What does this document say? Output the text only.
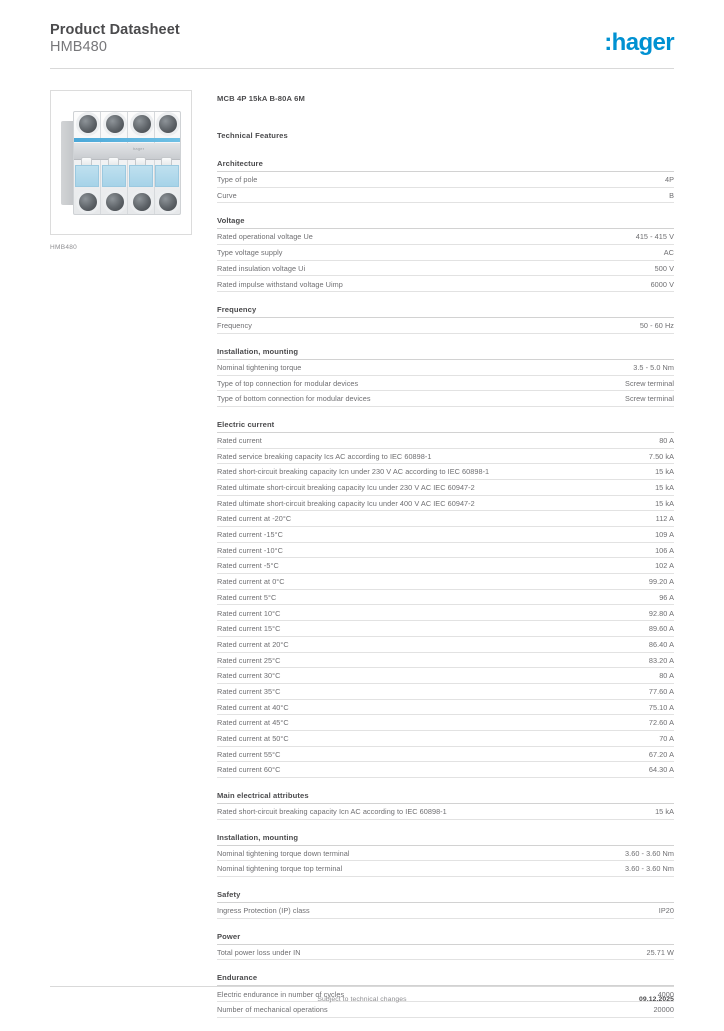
Product Datasheet
HMB480	:hager
hager
HMB480
MCB 4P 15kA B-80A 6M
Technical Features
Architecture
Type of pole	4P
Curve	B
Voltage
Rated operational voltage Ue	415 - 415 V
Type voltage supply	AC
Rated insulation voltage Ui	500 V
Rated impulse withstand voltage Uimp	6000 V
Frequency
Frequency	50 - 60 Hz
Installation, mounting
Nominal tightening torque	3.5 - 5.0 Nm
Type of top connection for modular devices	Screw terminal
Type of bottom connection for modular devices	Screw terminal
Electric current
Rated current	80 A
Rated service breaking capacity Ics AC according to IEC 60898-1	7.50 kA
Rated short-circuit breaking capacity Icn under 230 V AC according to IEC 60898-1	15 kA
Rated ultimate short-circuit breaking capacity Icu under 230 V AC IEC 60947-2	15 kA
Rated ultimate short-circuit breaking capacity Icu under 400 V AC IEC 60947-2	15 kA
Rated current at -20°C	112 A
Rated current -15°C	109 A
Rated current -10°C	106 A
Rated current -5°C	102 A
Rated current at 0°C	99.20 A
Rated current 5°C	96 A
Rated current 10°C	92.80 A
Rated current 15°C	89.60 A
Rated current at 20°C	86.40 A
Rated current 25°C	83.20 A
Rated current 30°C	80 A
Rated current 35°C	77.60 A
Rated current at 40°C	75.10 A
Rated current at 45°C	72.60 A
Rated current at 50°C	70 A
Rated current 55°C	67.20 A
Rated current 60°C	64.30 A
Main electrical attributes
Rated short-circuit breaking capacity Icn AC according to IEC 60898-1	15 kA
Installation, mounting
Nominal tightening torque down terminal	3.60 - 3.60 Nm
Nominal tightening torque top terminal	3.60 - 3.60 Nm
Safety
Ingress Protection (IP) class	IP20
Power
Total power loss under IN	25.71 W
Endurance
Electric endurance in number of cycles	4000
Number of mechanical operations	20000
Subject to technical changes	09.12.2025
